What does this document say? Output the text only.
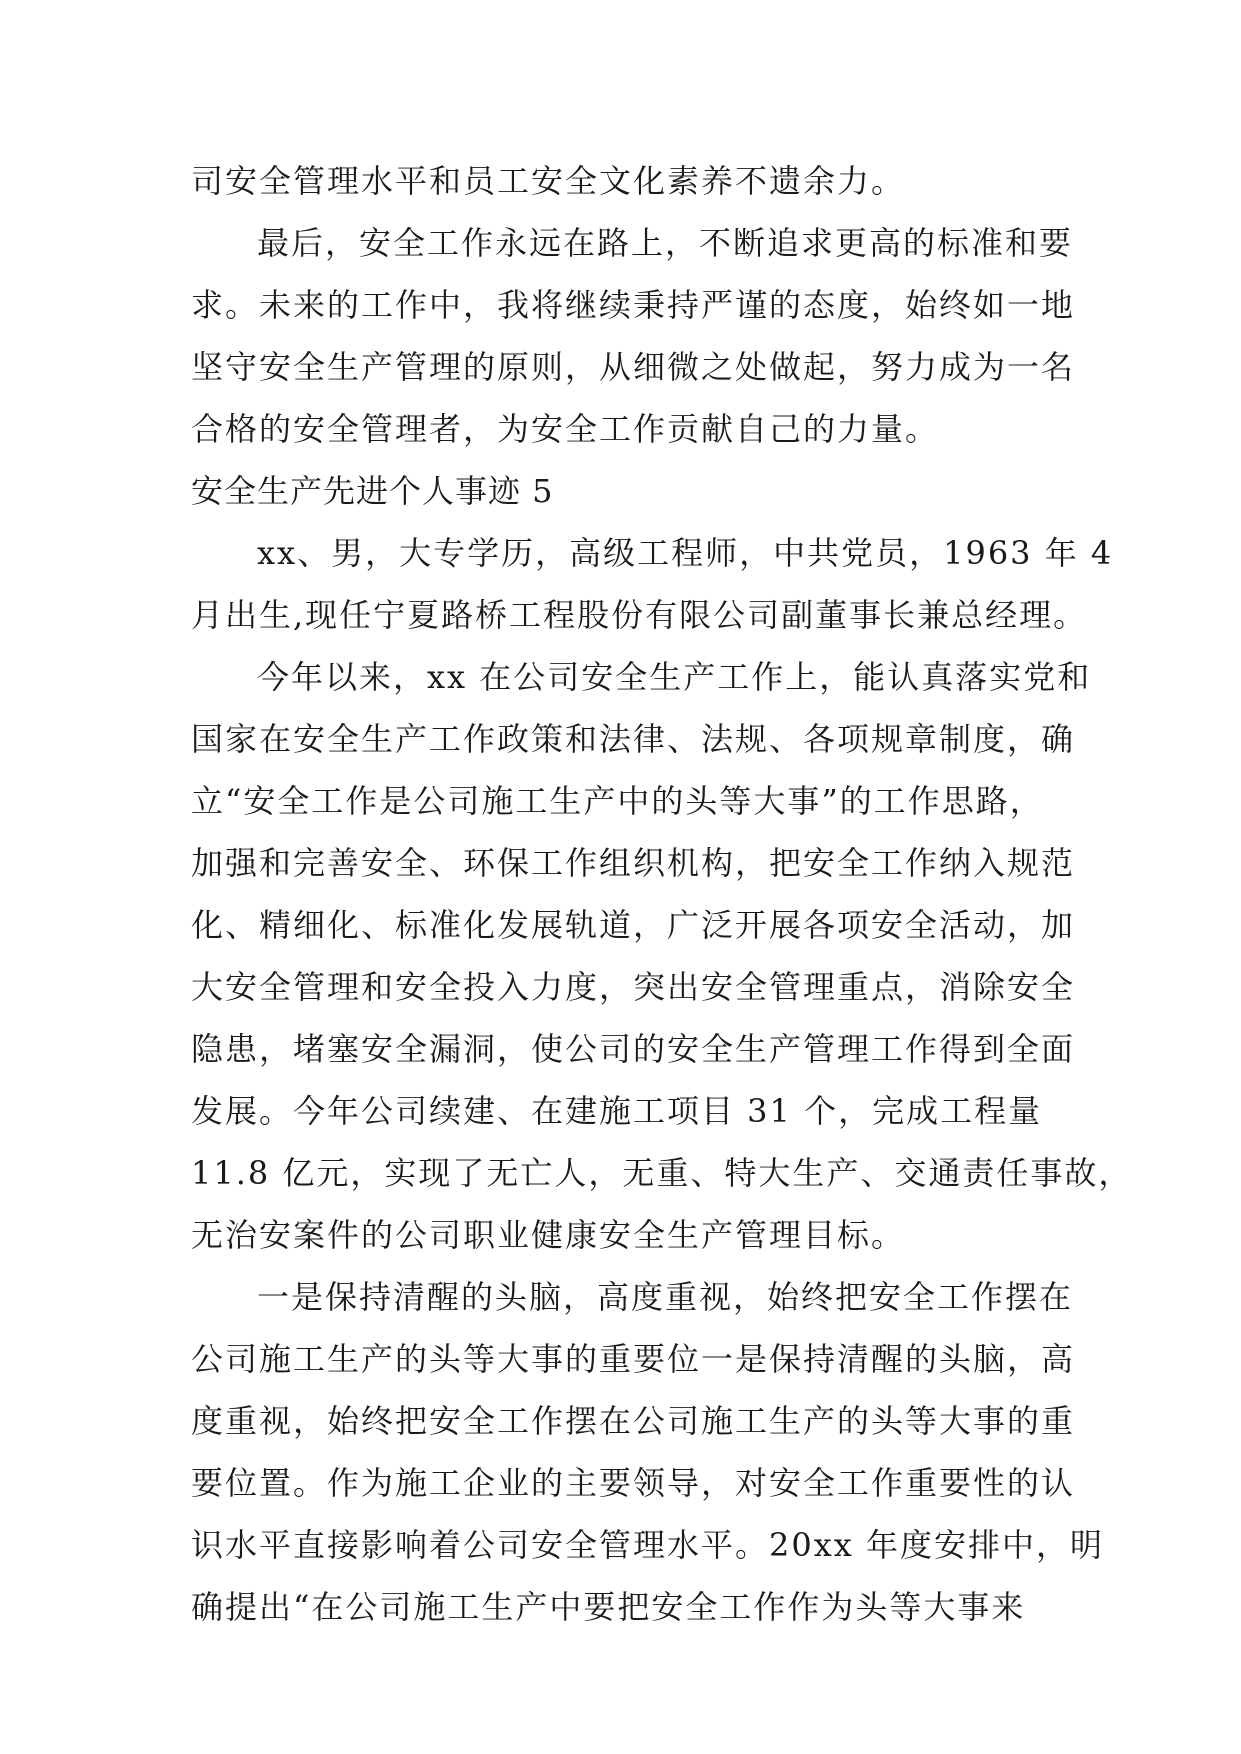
司安全管理水平和员工安全文化素养不遗余力。
最后，安全工作永远在路上，不断追求更高的标准和要
求。未来的工作中，我将继续秉持严谨的态度，始终如一地
坚守安全生产管理的原则，从细微之处做起，努力成为一名
合格的安全管理者，为安全工作贡献自己的力量。
安全生产先进个人事迹 5
xx、男，大专学历，高级工程师，中共党员，1963 年 4
月出生,现任宁夏路桥工程股份有限公司副董事长兼总经理。
今年以来，xx 在公司安全生产工作上，能认真落实党和
国家在安全生产工作政策和法律、法规、各项规章制度，确
立“安全工作是公司施工生产中的头等大事”的工作思路，
加强和完善安全、环保工作组织机构，把安全工作纳入规范
化、精细化、标准化发展轨道，广泛开展各项安全活动，加
大安全管理和安全投入力度，突出安全管理重点，消除安全
隐患，堵塞安全漏洞，使公司的安全生产管理工作得到全面
发展。今年公司续建、在建施工项目 31 个，完成工程量
11.8 亿元，实现了无亡人，无重、特大生产、交通责任事故，
无治安案件的公司职业健康安全生产管理目标。
一是保持清醒的头脑，高度重视，始终把安全工作摆在
公司施工生产的头等大事的重要位一是保持清醒的头脑，高
度重视，始终把安全工作摆在公司施工生产的头等大事的重
要位置。作为施工企业的主要领导，对安全工作重要性的认
识水平直接影响着公司安全管理水平。20xx 年度安排中，明
确提出“在公司施工生产中要把安全工作作为头等大事来
